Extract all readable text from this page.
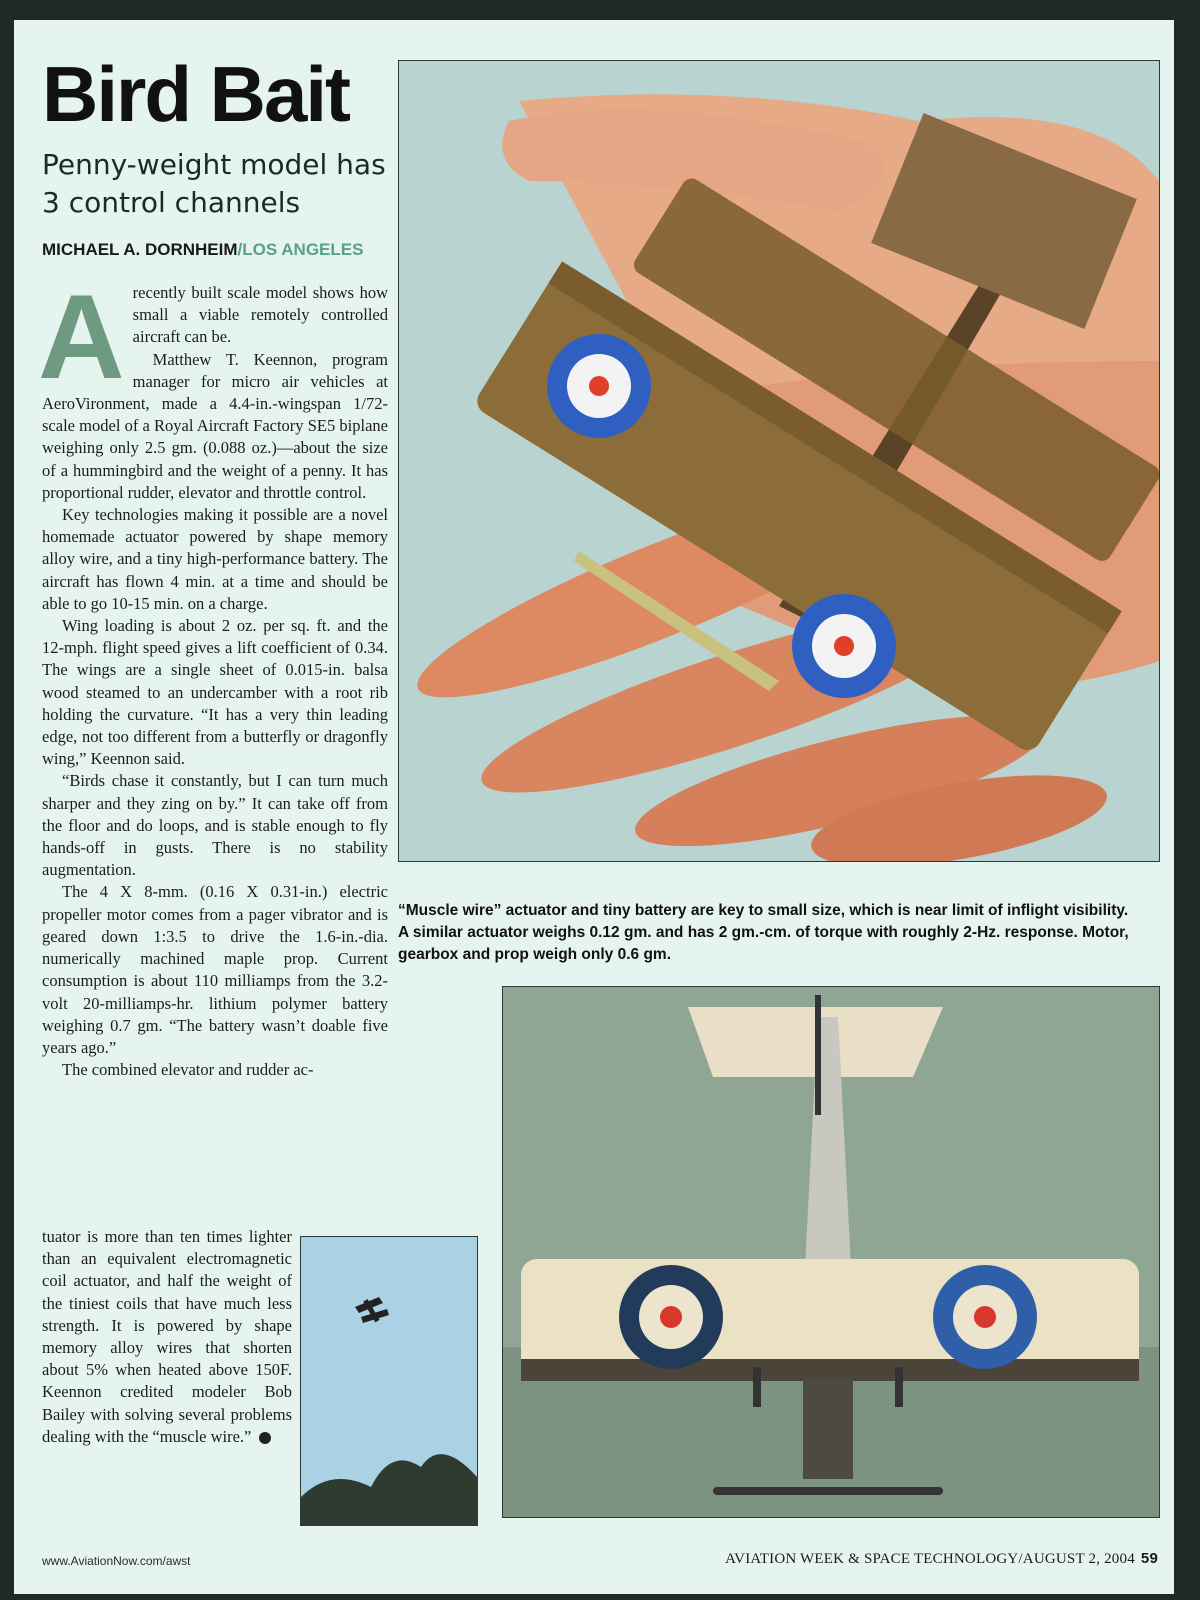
Bird Bait
Penny-weight model has 3 control channels
MICHAEL A. DORNHEIM/LOS ANGELES

A recently built scale model shows how small a viable remotely controlled aircraft can be.

Matthew T. Keennon, program manager for micro air vehicles at AeroVironment, made a 4.4-in.-wingspan 1/72-scale model of a Royal Aircraft Factory SE5 biplane weighing only 2.5 gm. (0.088 oz.)—about the size of a hummingbird and the weight of a penny. It has proportional rudder, elevator and throttle control.

Key technologies making it possible are a novel homemade actuator powered by shape memory alloy wire, and a tiny high-performance battery. The aircraft has flown 4 min. at a time and should be able to go 10-15 min. on a charge.

Wing loading is about 2 oz. per sq. ft. and the 12-mph. flight speed gives a lift coefficient of 0.34. The wings are a single sheet of 0.015-in. balsa wood steamed to an undercamber with a root rib holding the curvature. “It has a very thin leading edge, not too different from a butterfly or dragonfly wing,” Keennon said.

“Birds chase it constantly, but I can turn much sharper and they zing on by.” It can take off from the floor and do loops, and is stable enough to fly hands-off in gusts. There is no stability augmentation.

The 4 X 8-mm. (0.16 X 0.31-in.) electric propeller motor comes from a pager vibrator and is geared down 1:3.5 to drive the 1.6-in.-dia. numerically machined maple prop. Current consumption is about 110 milliamps from the 3.2-volt 20-milliamps-hr. lithium polymer battery weighing 0.7 gm. “The battery wasn’t doable five years ago.”

The combined elevator and rudder ac-

tuator is more than ten times lighter than an equivalent electromagnetic coil actuator, and half the weight of the tiniest coils that have much less strength. It is powered by shape memory alloy wires that shorten about 5% when heated above 150F. Keennon credited modeler Bob Bailey with solving several problems dealing with the “muscle wire.”

“Muscle wire” actuator and tiny battery are key to small size, which is near limit of inflight visibility. A similar actuator weighs 0.12 gm. and has 2 gm.-cm. of torque with roughly 2-Hz. response. Motor, gearbox and prop weigh only 0.6 gm.
www.AviationNow.com/awst	AVIATION WEEK & SPACE TECHNOLOGY/AUGUST 2, 2004 59
